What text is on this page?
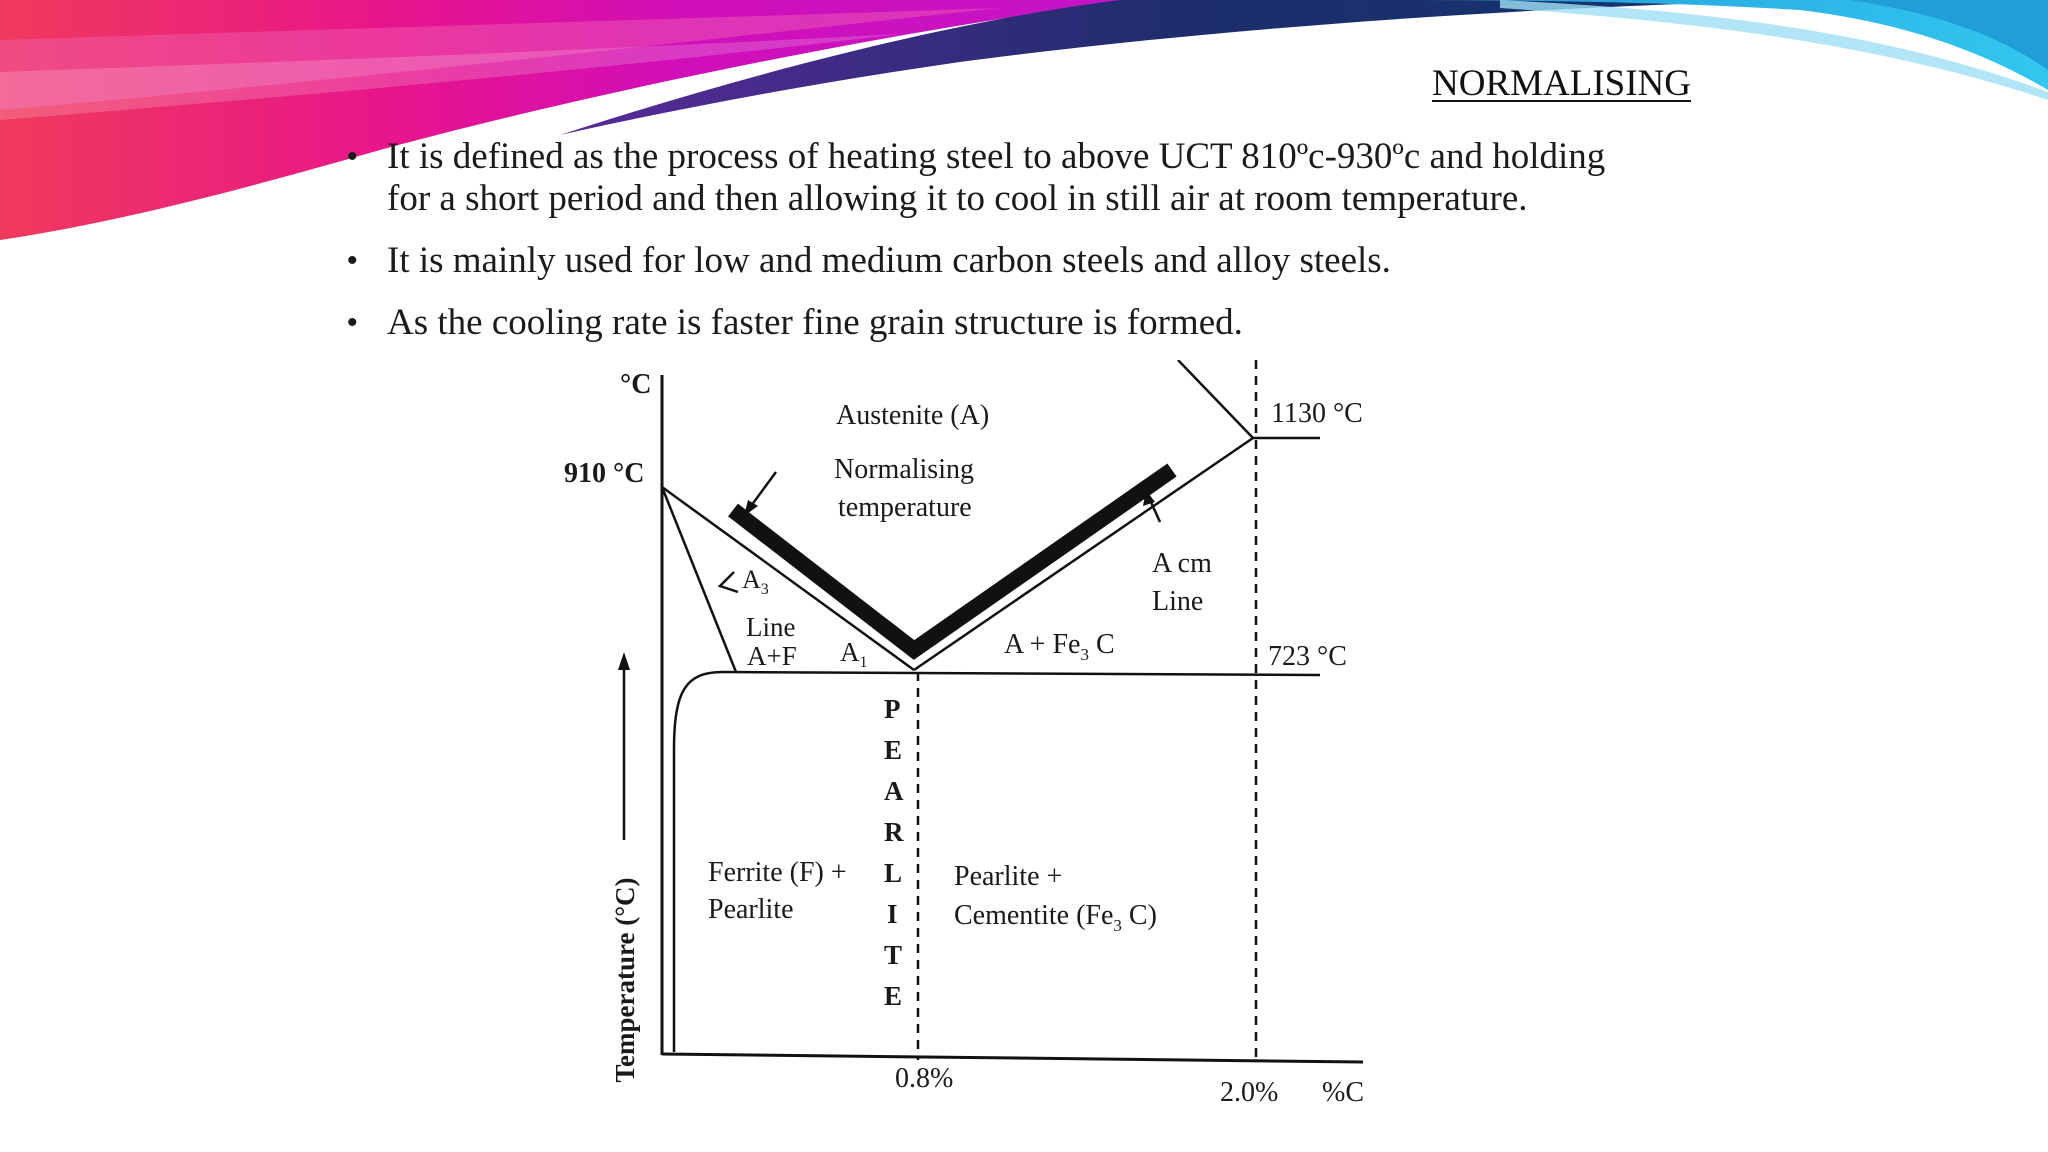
NORMALISING
• It is defined as the process of heating steel to above UCT 810ºc-930ºc and holding
for a short period and then allowing it to cool in still air at room temperature.
• It is mainly used for low and medium carbon steels and alloy steels.
• As the cooling rate is faster fine grain structure is formed.
°C
910 °C
1130 °C
723 °C
Austenite (A)
Normalising
temperature
$A_3$
Line
A+F $A_1$
A cm
Line
$A + Fe_3$ C
P
E
A
R
L
I
T
E
Ferrite (F) +
Pearlite
Pearlite +
Cementite ($Fe_3$ C)
0.8%	2.0% %C
Temperature (°C)
